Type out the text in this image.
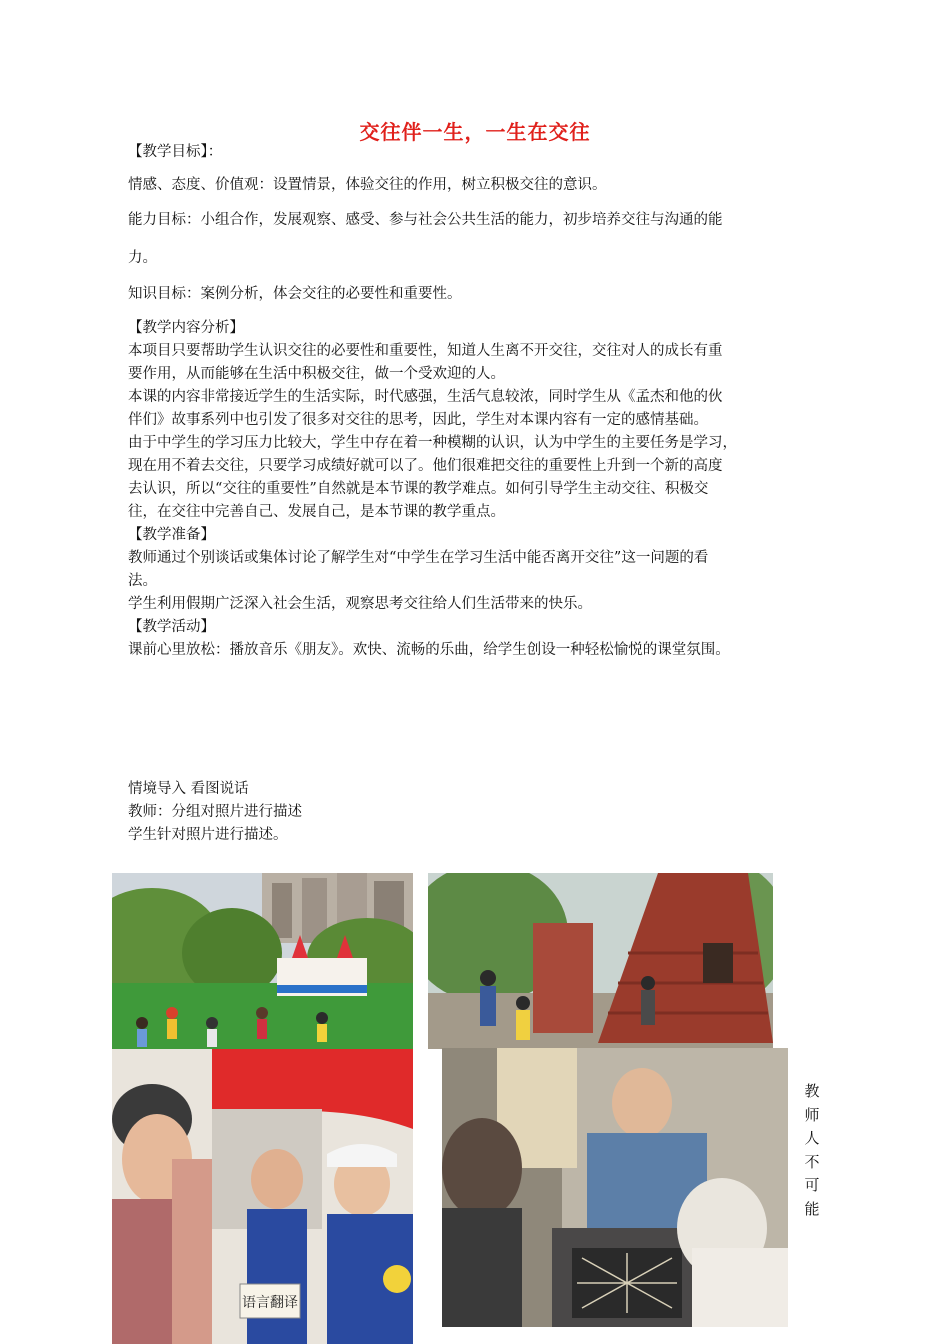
交往伴一生，一生在交往
【教学目标】：
情感、态度、价值观：设置情景，体验交往的作用，树立积极交往的意识。
能力目标：小组合作，发展观察、感受、参与社会公共生活的能力，初步培养交往与沟通的能
力。
知识目标：案例分析，体会交往的必要性和重要性。
【教学内容分析】
本项目只要帮助学生认识交往的必要性和重要性，知道人生离不开交往，交往对人的成长有重
要作用，从而能够在生活中积极交往，做一个受欢迎的人。
本课的内容非常接近学生的生活实际，时代感强，生活气息较浓，同时学生从《孟杰和他的伙
伴们》故事系列中也引发了很多对交往的思考，因此，学生对本课内容有一定的感情基础。
由于中学生的学习压力比较大，学生中存在着一种模糊的认识，认为中学生的主要任务是学习，
现在用不着去交往，只要学习成绩好就可以了。他们很难把交往的重要性上升到一个新的高度
去认识，所以“交往的重要性”自然就是本节课的教学难点。如何引导学生主动交往、积极交
往，在交往中完善自己、发展自己，是本节课的教学重点。
【教学准备】
教师通过个别谈话或集体讨论了解学生对“中学生在学习生活中能否离开交往”这一问题的看
法。
学生利用假期广泛深入社会生活，观察思考交往给人们生活带来的快乐。
【教学活动】
课前心里放松：播放音乐《朋友》。欢快、流畅的乐曲，给学生创设一种轻松愉悦的课堂氛围。
情境导入 看图说话
教师：分组对照片进行描述
学生针对照片进行描述。
语言翻译
教
师
人
不
可
能
